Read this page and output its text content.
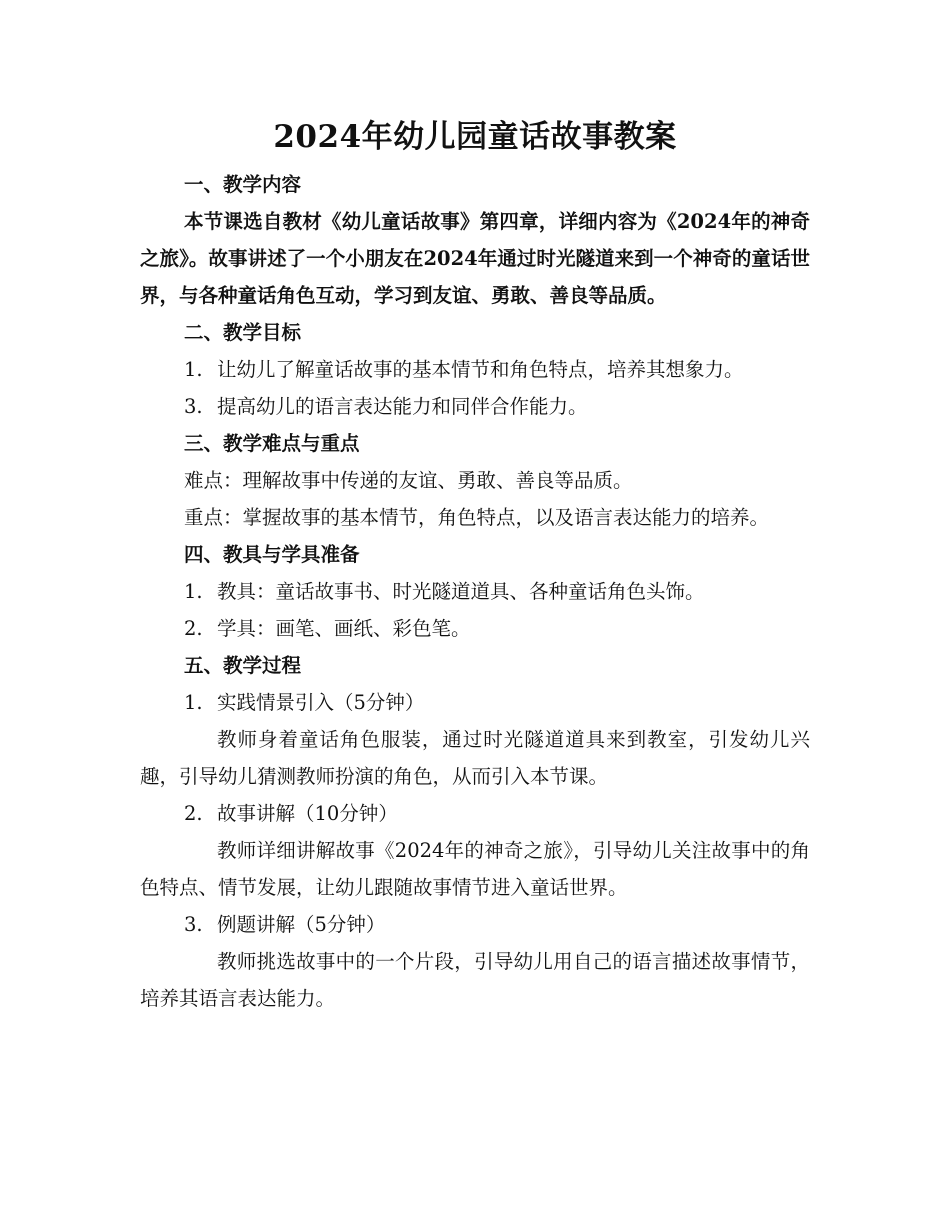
2024年幼儿园童话故事教案

一、教学内容

本节课选自教材《幼儿童话故事》第四章，详细内容为《2024年的神奇之旅》。故事讲述了一个小朋友在2024年通过时光隧道来到一个神奇的童话世界，与各种童话角色互动，学习到友谊、勇敢、善良等品质。

二、教学目标

1. 让幼儿了解童话故事的基本情节和角色特点，培养其想象力。
3. 提高幼儿的语言表达能力和同伴合作能力。

三、教学难点与重点

难点：理解故事中传递的友谊、勇敢、善良等品质。

重点：掌握故事的基本情节，角色特点，以及语言表达能力的培养。

四、教具与学具准备

1. 教具：童话故事书、时光隧道道具、各种童话角色头饰。
2. 学具：画笔、画纸、彩色笔。

五、教学过程

1. 实践情景引入（5分钟）

教师身着童话角色服装，通过时光隧道道具来到教室，引发幼儿兴趣，引导幼儿猜测教师扮演的角色，从而引入本节课。

2. 故事讲解（10分钟）

教师详细讲解故事《2024年的神奇之旅》，引导幼儿关注故事中的角色特点、情节发展，让幼儿跟随故事情节进入童话世界。

3. 例题讲解（5分钟）

教师挑选故事中的一个片段，引导幼儿用自己的语言描述故事情节，培养其语言表达能力。
